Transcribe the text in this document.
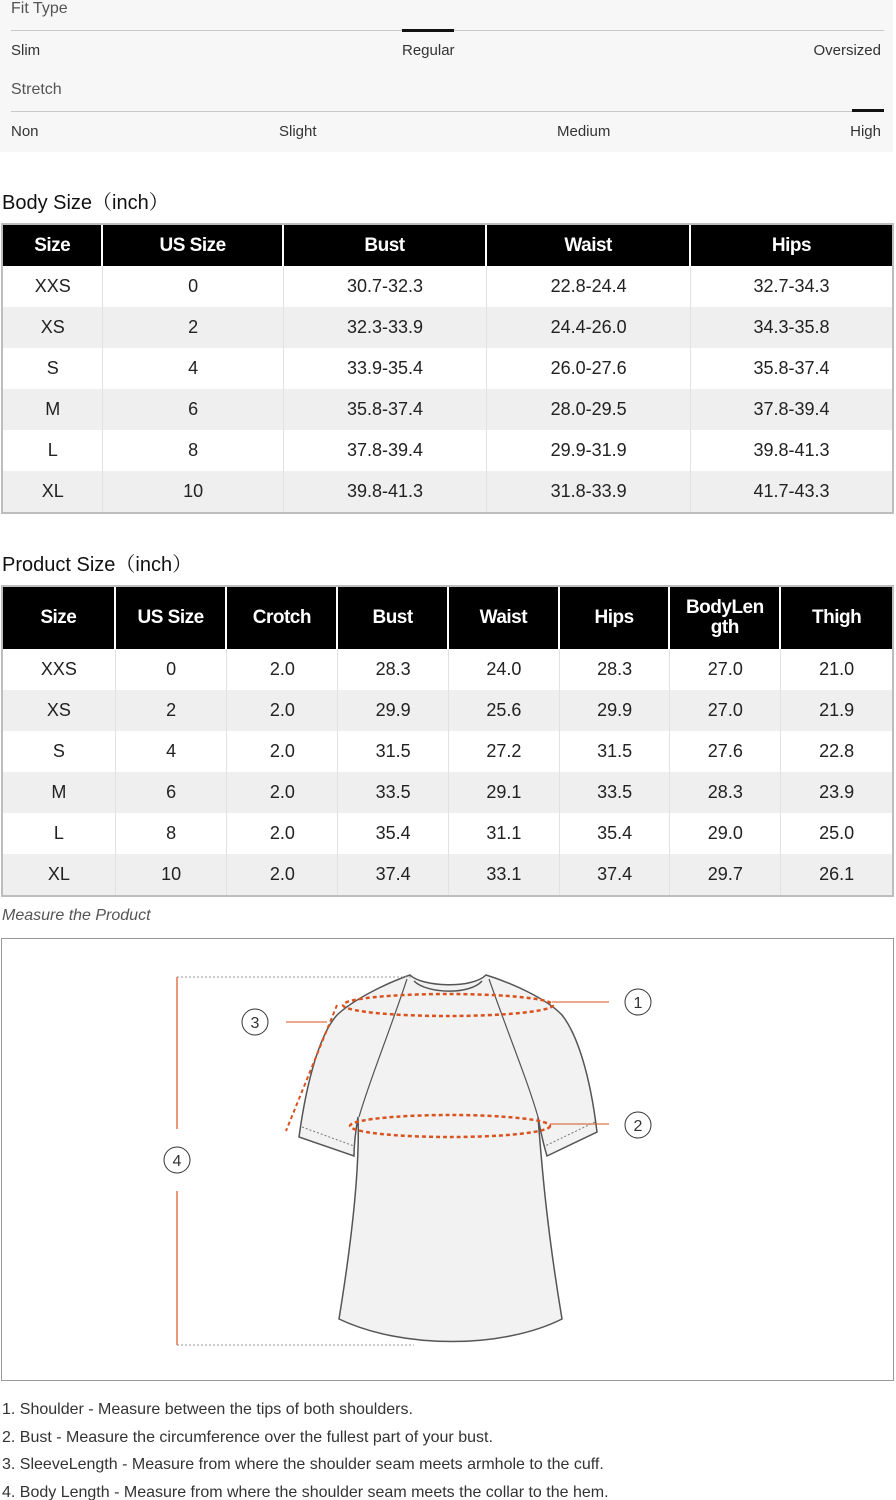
Fit Type
Slim	Regular	Oversized
Stretch
Non	Slight	Medium	High
Body Size（inch）
Size	US Size	Bust	Waist	Hips
XXS	0	30.7-32.3	22.8-24.4	32.7-34.3
XS	2	32.3-33.9	24.4-26.0	34.3-35.8
S	4	33.9-35.4	26.0-27.6	35.8-37.4
M	6	35.8-37.4	28.0-29.5	37.8-39.4
L	8	37.8-39.4	29.9-31.9	39.8-41.3
XL	10	39.8-41.3	31.8-33.9	41.7-43.3
Product Size（inch）
Size	US Size	Crotch	Bust	Waist	Hips	BodyLength	Thigh
XXS	0	2.0	28.3	24.0	28.3	27.0	21.0
XS	2	2.0	29.9	25.6	29.9	27.0	21.9
S	4	2.0	31.5	27.2	31.5	27.6	22.8
M	6	2.0	33.5	29.1	33.5	28.3	23.9
L	8	2.0	35.4	31.1	35.4	29.0	25.0
XL	10	2.0	37.4	33.1	37.4	29.7	26.1
Measure the Product
1
2
3
4
1. Shoulder - Measure between the tips of both shoulders.
2. Bust - Measure the circumference over the fullest part of your bust.
3. SleeveLength - Measure from where the shoulder seam meets armhole to the cuff.
4. Body Length - Measure from where the shoulder seam meets the collar to the hem.
